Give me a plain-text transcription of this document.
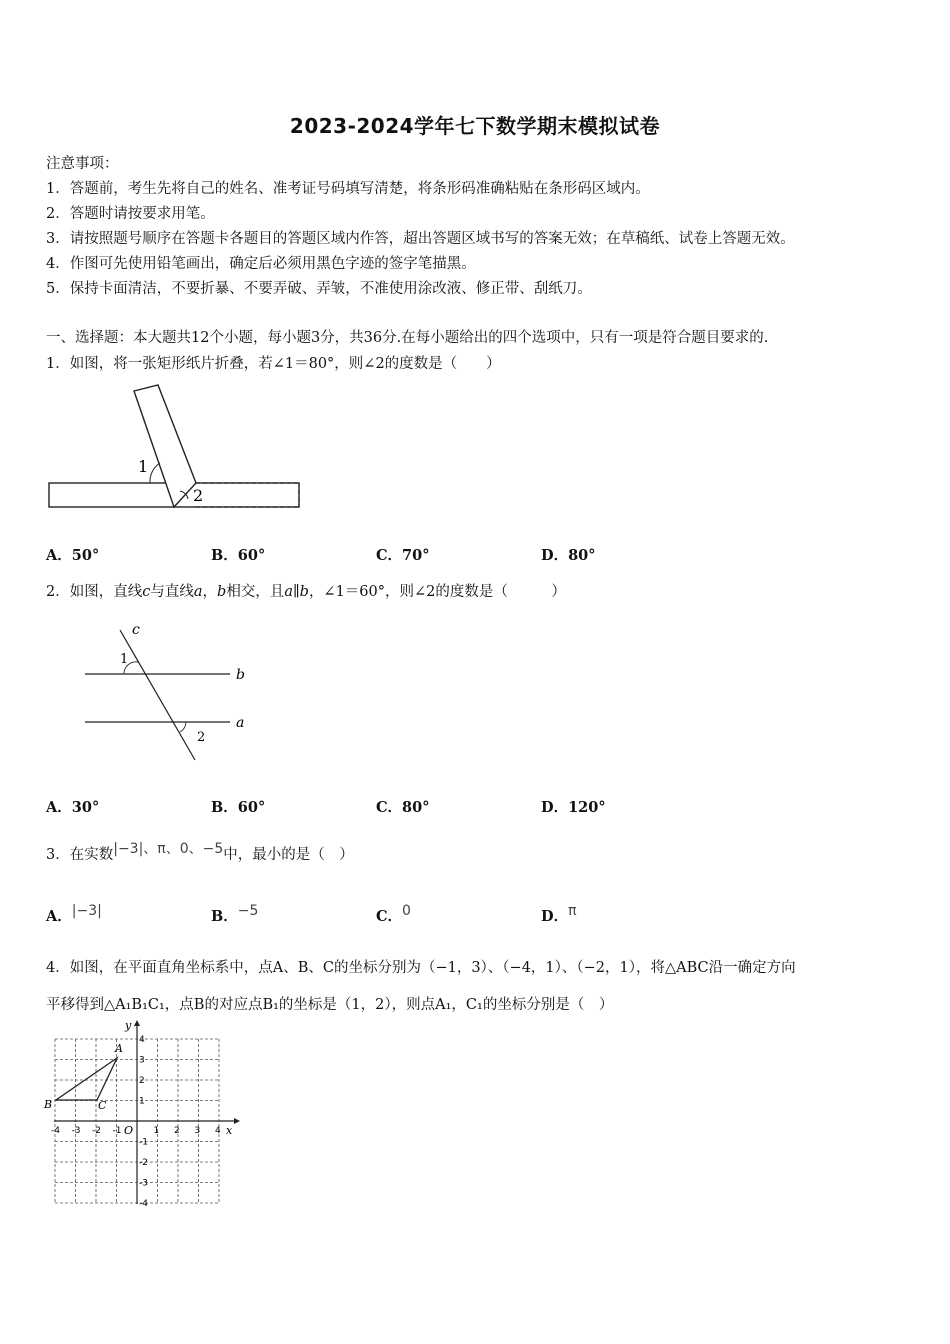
2023-2024学年七下数学期末模拟试卷
注意事项：
1．答题前，考生先将自己的姓名、准考证号码填写清楚，将条形码准确粘贴在条形码区域内。
2．答题时请按要求用笔。
3．请按照题号顺序在答题卡各题目的答题区域内作答，超出答题区域书写的答案无效；在草稿纸、试卷上答题无效。
4．作图可先使用铅笔画出，确定后必须用黑色字迹的签字笔描黑。
5．保持卡面清洁，不要折暴、不要弄破、弄皱，不准使用涂改液、修正带、刮纸刀。
一、选择题：本大题共12个小题，每小题3分，共36分.在每小题给出的四个选项中，只有一项是符合题目要求的.
1．如图，将一张矩形纸片折叠，若∠1＝80°，则∠2的度数是（　　）
1
2
A．50°	B．60°	C．70°	D．80°
2．如图，直线c与直线a，b相交，且a∥b，∠1＝60°，则∠2的度数是（　　　）
c
1
b
a
2
A．30°	B．60°	C．80°	D．120°
3．在实数|−3|、π、0、−5中，最小的是（　）
A．|−3|	B．−5	C．0	D．π
4．如图，在平面直角坐标系中，点A、B、C的坐标分别为（−1，3）、（−4，1）、（−2，1），将△ABC沿一确定方向
平移得到△A₁B₁C₁，点B的对应点B₁的坐标是（1，2），则点A₁，C₁的坐标分别是（　）
y
x
O
A
B	C
-4 -3 -2 -1	1 2 3 4
4
3
2
1
-1
-2
-3
-4
